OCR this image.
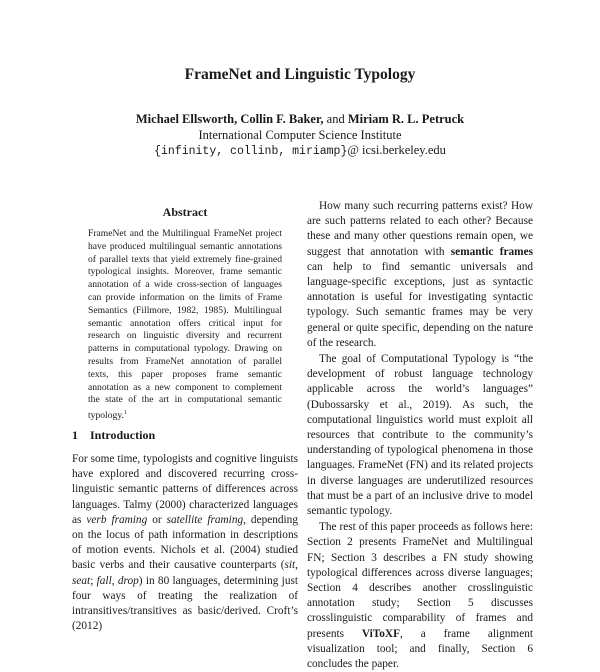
FrameNet and Linguistic Typology
Michael Ellsworth, Collin F. Baker, and Miriam R. L. Petruck
International Computer Science Institute
{infinity, collinb, miriamp}@ icsi.berkeley.edu
Abstract
FrameNet and the Multilingual FrameNet project have produced multilingual semantic annotations of parallel texts that yield extremely fine-grained typological insights. Moreover, frame semantic annotation of a wide cross-section of languages can provide information on the limits of Frame Semantics (Fillmore, 1982, 1985). Multilingual semantic annotation offers critical input for research on linguistic diversity and recurrent patterns in computational typology. Drawing on results from FrameNet annotation of parallel texts, this paper proposes frame semantic annotation as a new component to complement the state of the art in computational semantic typology.$^1$
1 Introduction

For some time, typologists and cognitive linguists have explored and discovered recurring cross-linguistic semantic patterns of differences across languages. Talmy (2000) characterized languages as verb framing or satellite framing, depending on the locus of path information in descriptions of motion events. Nichols et al. (2004) studied basic verbs and their causative counterparts (sit, seat; fall, drop) in 80 languages, determining just four ways of treating the realization of intransitives/transitives as basic/derived. Croft’s (2012)

How many such recurring patterns exist? How are such patterns related to each other? Because these and many other questions remain open, we suggest that annotation with semantic frames can help to find semantic universals and language-specific exceptions, just as syntactic annotation is useful for investigating syntactic typology. Such semantic frames may be very general or quite specific, depending on the nature of the research.

The goal of Computational Typology is “the development of robust language technology applicable across the world’s languages” (Dubossarsky et al., 2019). As such, the computational linguistics world must exploit all resources that contribute to the community’s understanding of typological phenomena in those languages. FrameNet (FN) and its related projects in diverse languages are underutilized resources that must be a part of an inclusive drive to model semantic typology.

The rest of this paper proceeds as follows here: Section 2 presents FrameNet and Multilingual FN; Section 3 describes a FN study showing typological differences across diverse languages; Section 4 describes another crosslinguistic annotation study; Section 5 discusses crosslinguistic comparability of frames and presents ViToXF, a frame alignment visualization tool; and finally, Section 6 concludes the paper.
